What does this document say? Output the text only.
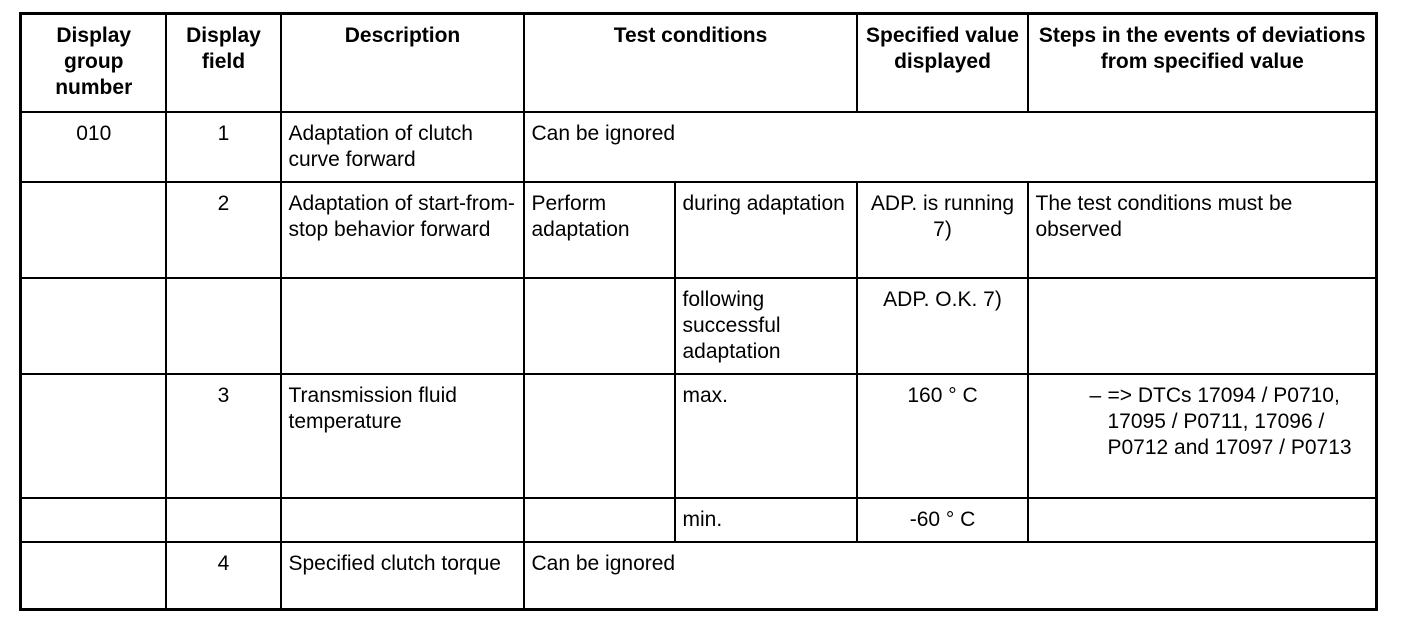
Display group number	Display field	Description	Test conditions		Specified value displayed	Steps in the events of deviations from specified value
010	1	Adaptation of clutch curve forward	Can be ignored			
	2	Adaptation of start-from-stop behavior forward	Perform adaptation	during adaptation	ADP. is running 7)	The test conditions must be observed
				following successful adaptation	ADP. O.K. 7)	
	3	Transmission fluid temperature		max.	160 ° C	– => DTCs 17094 / P0710, 17095 / P0711, 17096 / P0712 and 17097 / P0713

				min.	-60 ° C	
	4	Specified clutch torque	Can be ignored			
